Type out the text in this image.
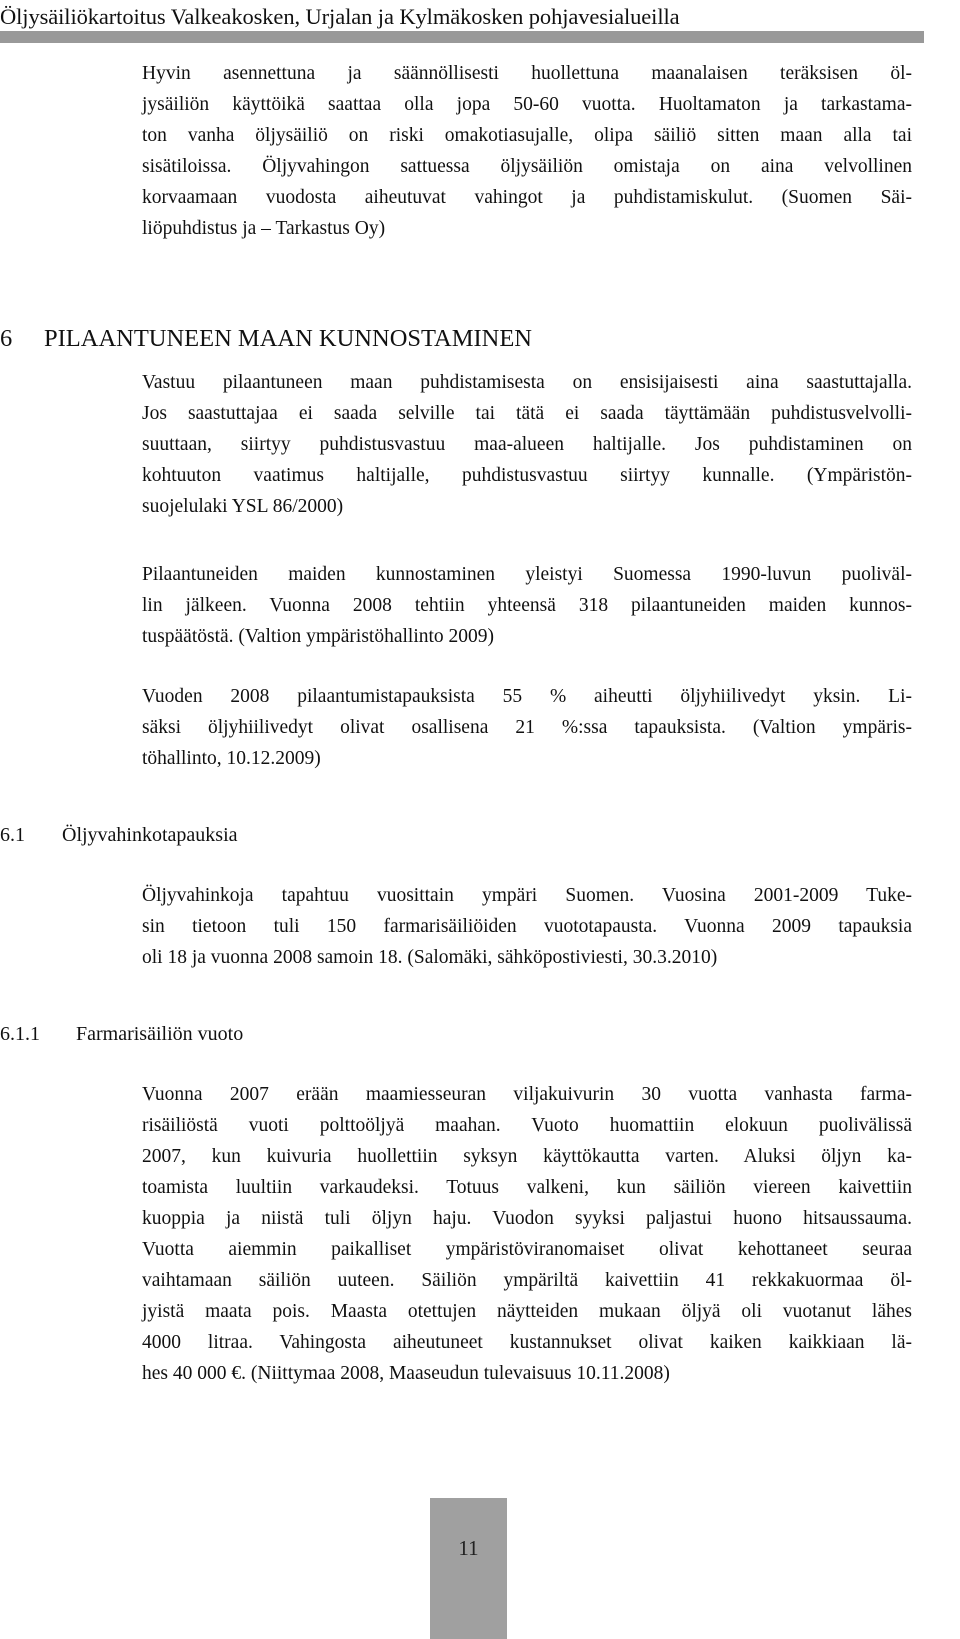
Öljysäiliökartoitus Valkeakosken, Urjalan ja Kylmäkosken pohjavesialueilla
Hyvin asennettuna ja säännöllisesti huollettuna maanalaisen teräksisen öl-
jysäiliön käyttöikä saattaa olla jopa 50-60 vuotta. Huoltamaton ja tarkastama-
ton vanha öljysäiliö on riski omakotiasujalle, olipa säiliö sitten maan alla tai
sisätiloissa. Öljyvahingon sattuessa öljysäiliön omistaja on aina velvollinen
korvaamaan vuodosta aiheutuvat vahingot ja puhdistamiskulut. (Suomen Säi-
liöpuhdistus ja – Tarkastus Oy)
6 PILAANTUNEEN MAAN KUNNOSTAMINEN
Vastuu pilaantuneen maan puhdistamisesta on ensisijaisesti aina saastuttajalla.
Jos saastuttajaa ei saada selville tai tätä ei saada täyttämään puhdistusvelvolli-
suuttaan, siirtyy puhdistusvastuu maa-alueen haltijalle. Jos puhdistaminen on
kohtuuton vaatimus haltijalle, puhdistusvastuu siirtyy kunnalle. (Ympäristön-
suojelulaki YSL 86/2000)
Pilaantuneiden maiden kunnostaminen yleistyi Suomessa 1990-luvun puoliväl-
lin jälkeen. Vuonna 2008 tehtiin yhteensä 318 pilaantuneiden maiden kunnos-
tuspäätöstä. (Valtion ympäristöhallinto 2009)
Vuoden 2008 pilaantumistapauksista 55 % aiheutti öljyhiilivedyt yksin. Li-
säksi öljyhiilivedyt olivat osallisena 21 %:ssa tapauksista. (Valtion ympäris-
töhallinto, 10.12.2009)
6.1 Öljyvahinkotapauksia
Öljyvahinkoja tapahtuu vuosittain ympäri Suomen. Vuosina 2001-2009 Tuke-
sin tietoon tuli 150 farmarisäiliöiden vuototapausta. Vuonna 2009 tapauksia
oli 18 ja vuonna 2008 samoin 18. (Salomäki, sähköpostiviesti, 30.3.2010)
6.1.1 Farmarisäiliön vuoto
Vuonna 2007 erään maamiesseuran viljakuivurin 30 vuotta vanhasta farma-
risäiliöstä vuoti polttoöljyä maahan. Vuoto huomattiin elokuun puolivälissä
2007, kun kuivuria huollettiin syksyn käyttökautta varten. Aluksi öljyn ka-
toamista luultiin varkaudeksi. Totuus valkeni, kun säiliön viereen kaivettiin
kuoppia ja niistä tuli öljyn haju. Vuodon syyksi paljastui huono hitsaussauma.
Vuotta aiemmin paikalliset ympäristöviranomaiset olivat kehottaneet seuraa
vaihtamaan säiliön uuteen. Säiliön ympäriltä kaivettiin 41 rekkakuormaa öl-
jyistä maata pois. Maasta otettujen näytteiden mukaan öljyä oli vuotanut lähes
4000 litraa. Vahingosta aiheutuneet kustannukset olivat kaiken kaikkiaan lä-
hes 40 000 €. (Niittymaa 2008, Maaseudun tulevaisuus 10.11.2008)
11
